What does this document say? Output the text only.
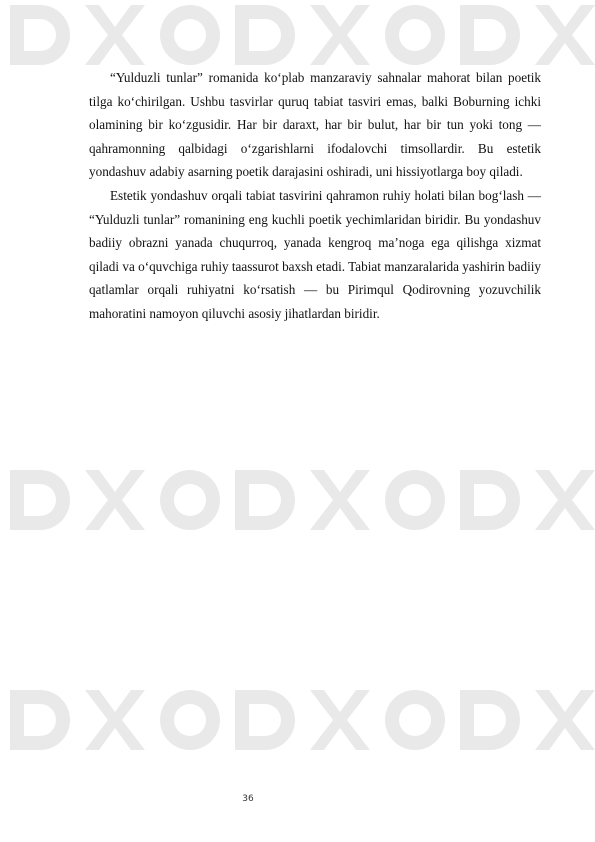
“Yulduzli tunlar” romanida ko‘plab manzaraviy sahnalar mahorat bilan poetik tilga ko‘chirilgan. Ushbu tasvirlar quruq tabiat tasviri emas, balki Boburning ichki olamining bir ko‘zgusidir. Har bir daraxt, har bir bulut, har bir tun yoki tong — qahramonning qalbidagi o‘zgarishlarni ifodalovchi timsollardir. Bu estetik yondashuv adabiy asarning poetik darajasini oshiradi, uni hissiyotlarga boy qiladi.

Estetik yondashuv orqali tabiat tasvirini qahramon ruhiy holati bilan bog‘lash — “Yulduzli tunlar” romanining eng kuchli poetik yechimlaridan biridir. Bu yondashuv badiiy obrazni yanada chuqurroq, yanada kengroq ma’noga ega qilishga xizmat qiladi va o‘quvchiga ruhiy taassurot baxsh etadi. Tabiat manzaralarida yashirin badiiy qatlamlar orqali ruhiyatni ko‘rsatish — bu Pirimqul Qodirovning yozuvchilik mahoratini namoyon qiluvchi asosiy jihatlardan biridir.

36
